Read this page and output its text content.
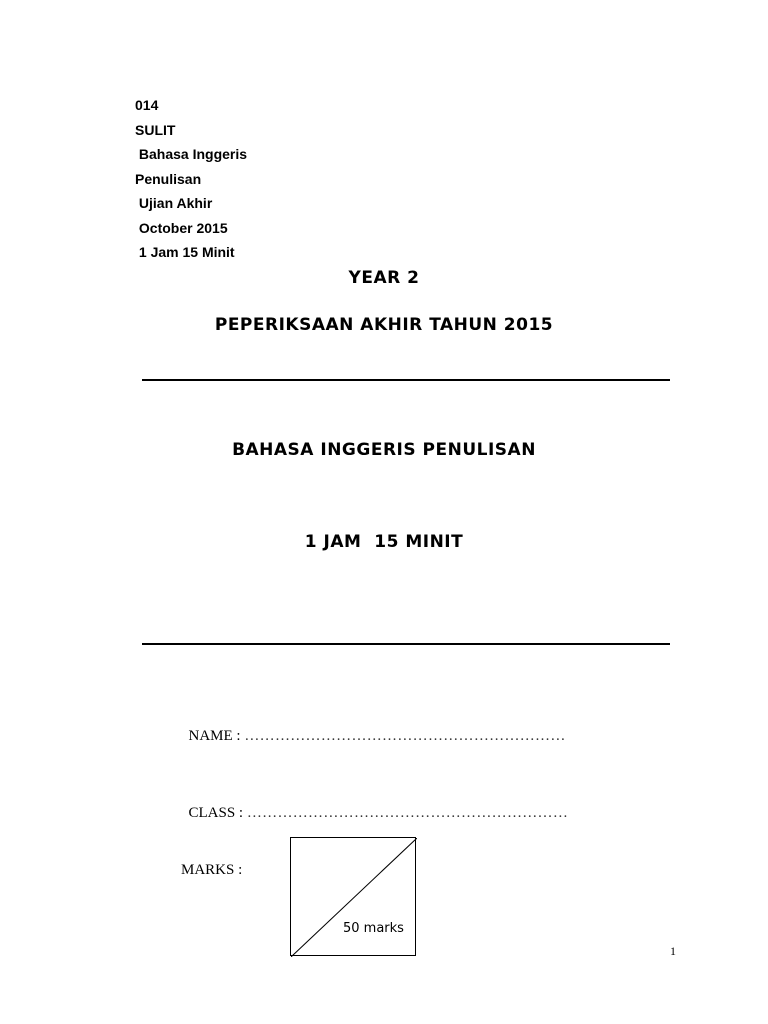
014
SULIT
Bahasa Inggeris
Penulisan
Ujian Akhir
October 2015
1 Jam 15 Minit
YEAR 2
PEPERIKSAAN AKHIR TAHUN 2015
BAHASA INGGERIS PENULISAN
1 JAM  15 MINIT

NAME : ………………………………………………………

CLASS : ………………………………………………………

MARKS :
50 marks
1
